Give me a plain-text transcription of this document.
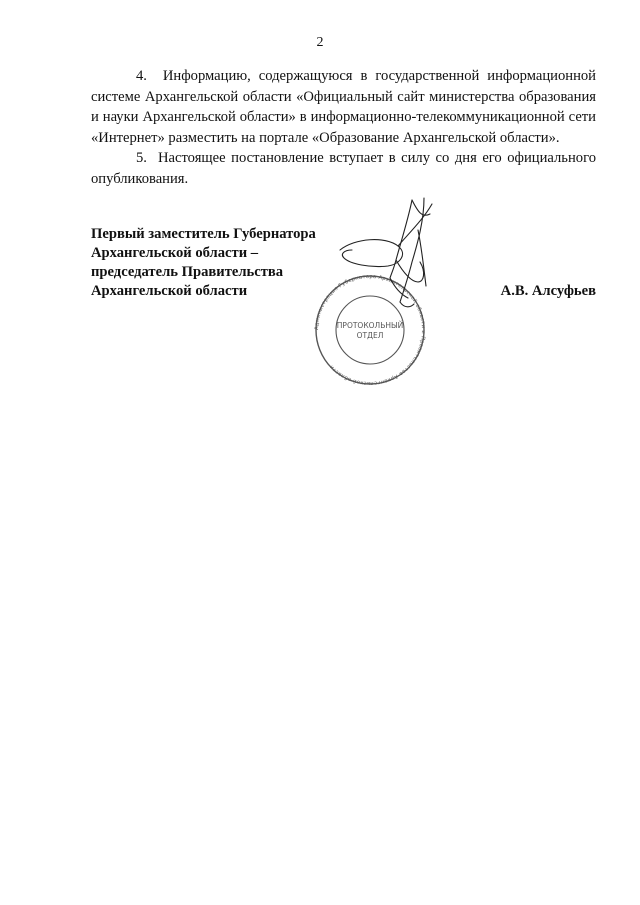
2

4.  Информацию, содержащуюся в государственной информационной системе Архангельской области «Официальный сайт министерства образования и науки Архангельской области» в информационно-телекоммуникационной сети «Интернет» разместить на портале «Образование Архангельской области».

5.  Настоящее постановление вступает в силу со дня его официального опубликования.

Первый заместитель Губернатора
Архангельской области –
председатель Правительства
Архангельской области
Администрация Губернатора Архангельской области и Правительства Архангельской области
ПРОТОКОЛЬНЫЙ
ОТДЕЛ
А.В. Алсуфьев
